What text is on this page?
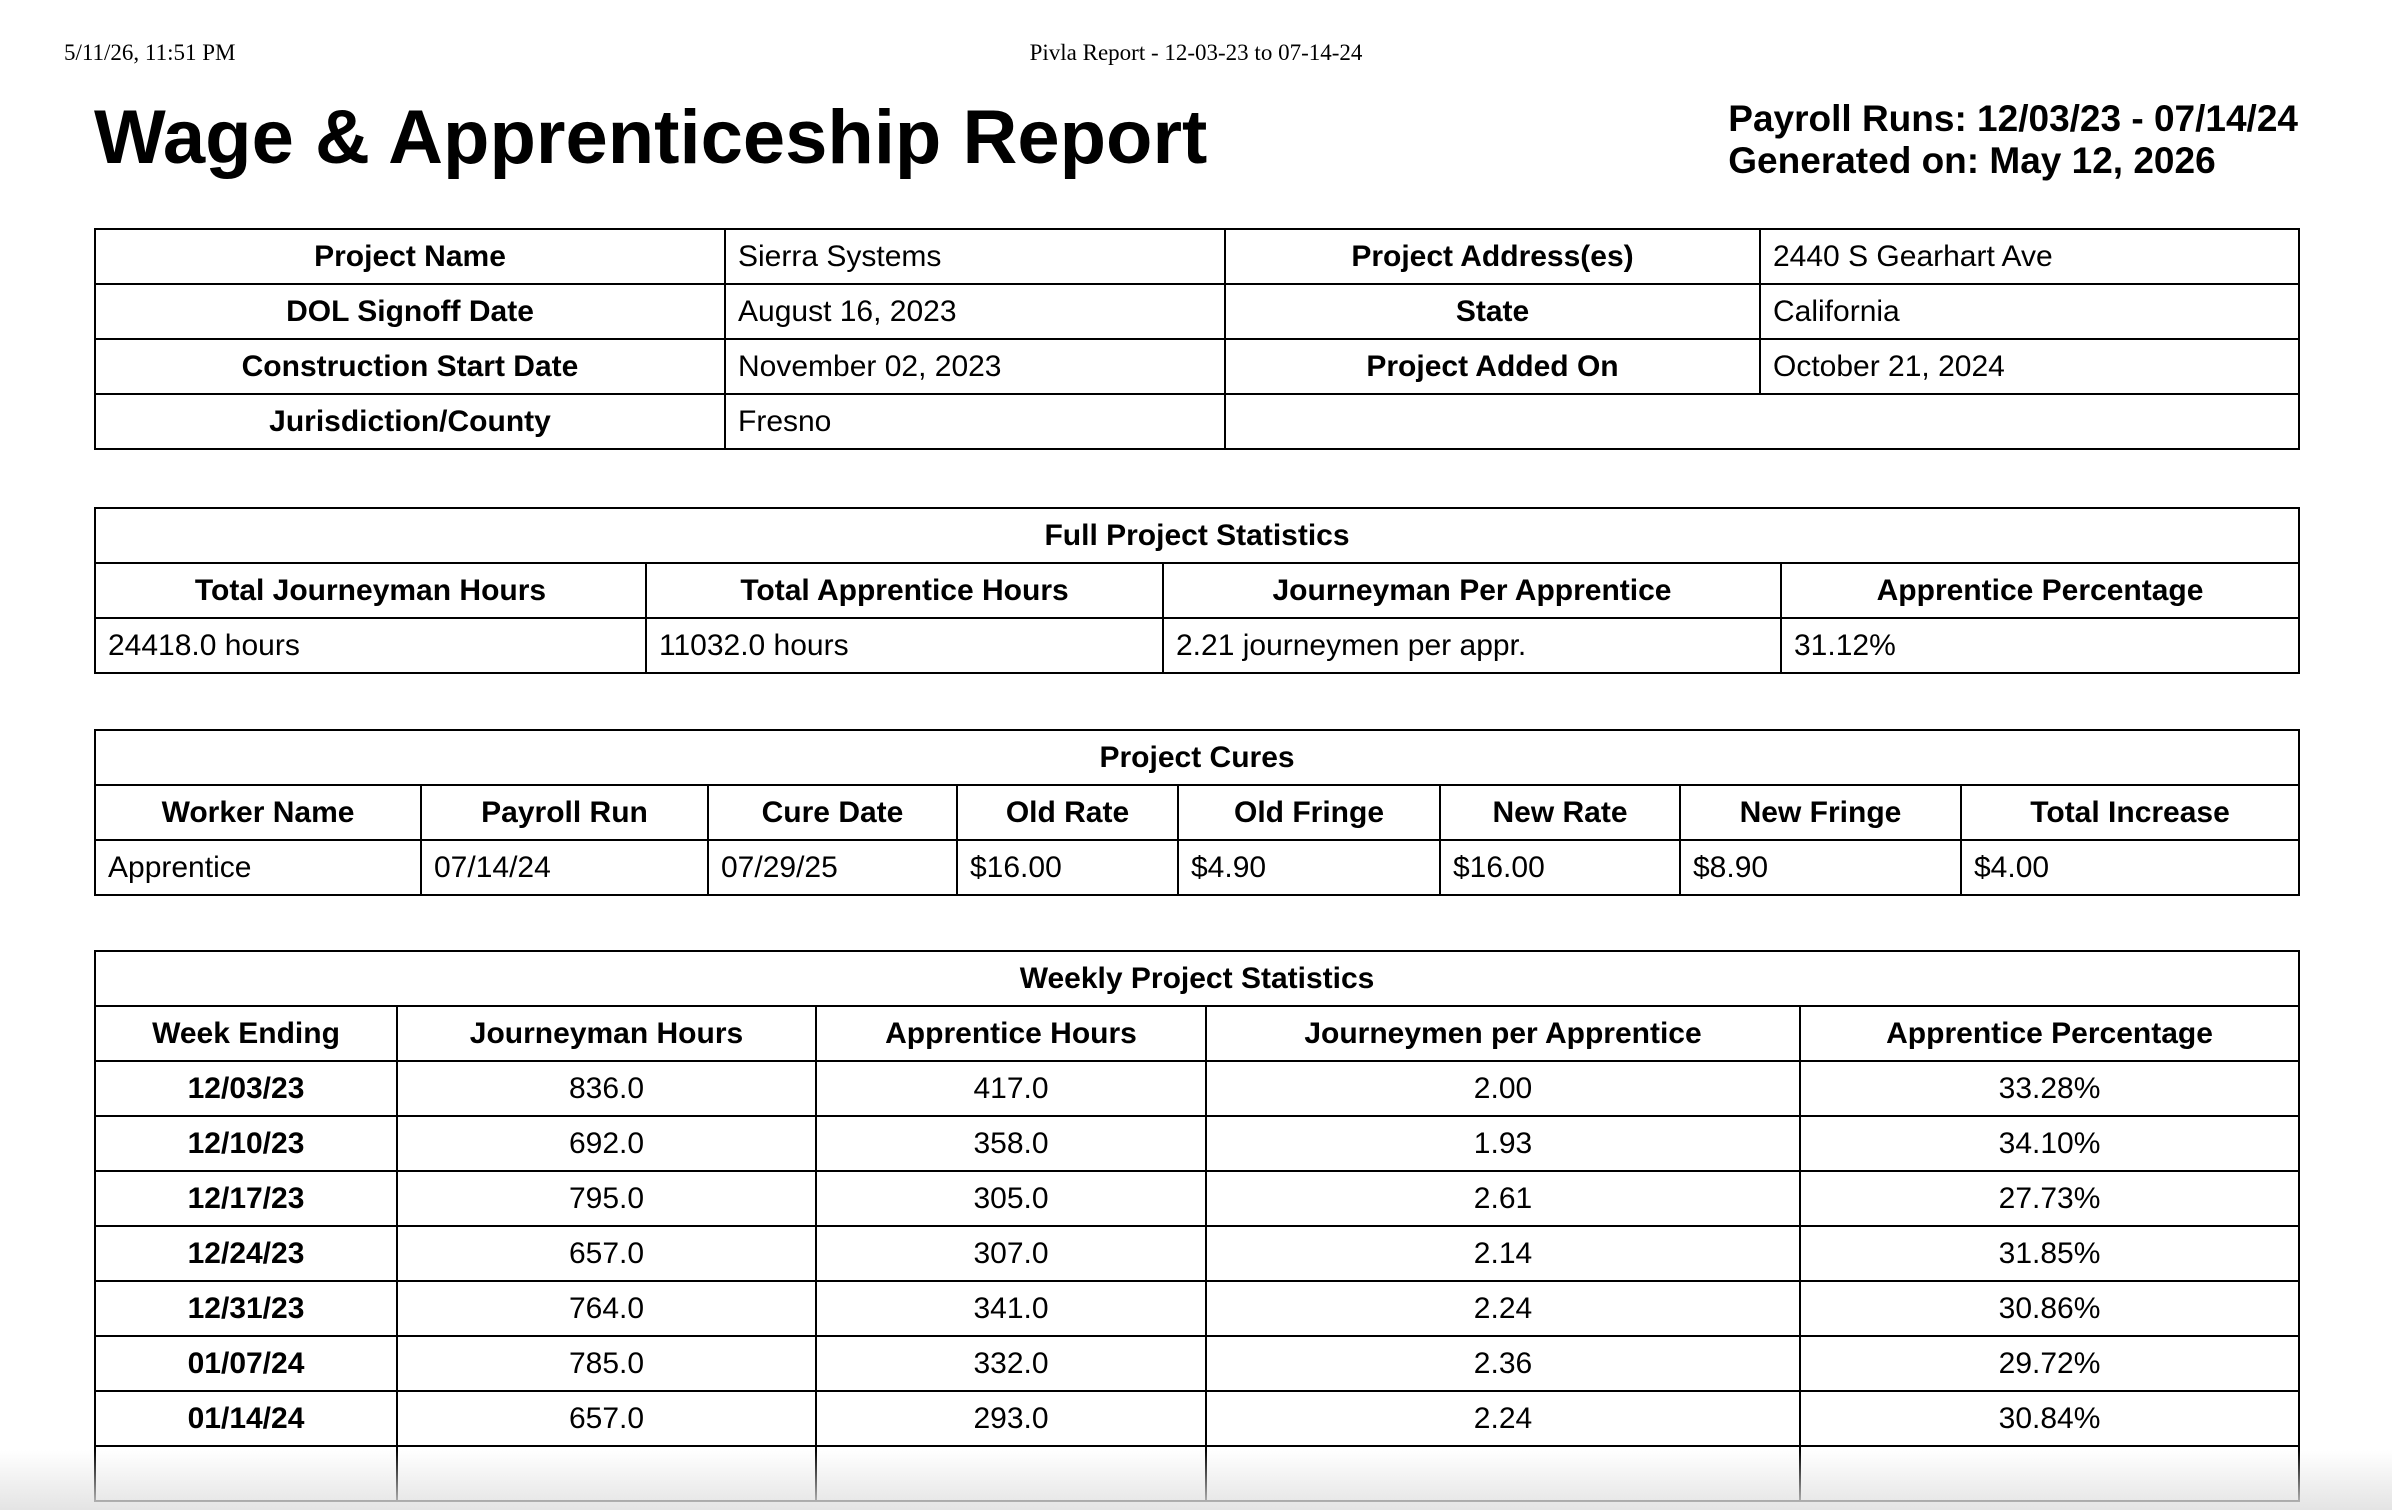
5/11/26, 11:51 PM	Pivla Report - 12-03-23 to 07-14-24
Wage & Apprenticeship Report	Payroll Runs: 12/03/23 - 07/14/24
Generated on: May 12, 2026
Project Name	Sierra Systems	Project Address(es)	2440 S Gearhart Ave
DOL Signoff Date	August 16, 2023	State	California
Construction Start Date	November 02, 2023	Project Added On	October 21, 2024
Jurisdiction/County	Fresno		
Full Project Statistics			
Total Journeyman Hours	Total Apprentice Hours	Journeyman Per Apprentice	Apprentice Percentage
24418.0 hours	11032.0 hours	2.21 journeymen per appr.	31.12%
Project Cures							
Worker Name	Payroll Run	Cure Date	Old Rate	Old Fringe	New Rate	New Fringe	Total Increase
Apprentice	07/14/24	07/29/25	$16.00	$4.90	$16.00	$8.90	$4.00
Weekly Project Statistics				
Week Ending	Journeyman Hours	Apprentice Hours	Journeymen per Apprentice	Apprentice Percentage
12/03/23	836.0	417.0	2.00	33.28%
12/10/23	692.0	358.0	1.93	34.10%
12/17/23	795.0	305.0	2.61	27.73%
12/24/23	657.0	307.0	2.14	31.85%
12/31/23	764.0	341.0	2.24	30.86%
01/07/24	785.0	332.0	2.36	29.72%
01/14/24	657.0	293.0	2.24	30.84%
